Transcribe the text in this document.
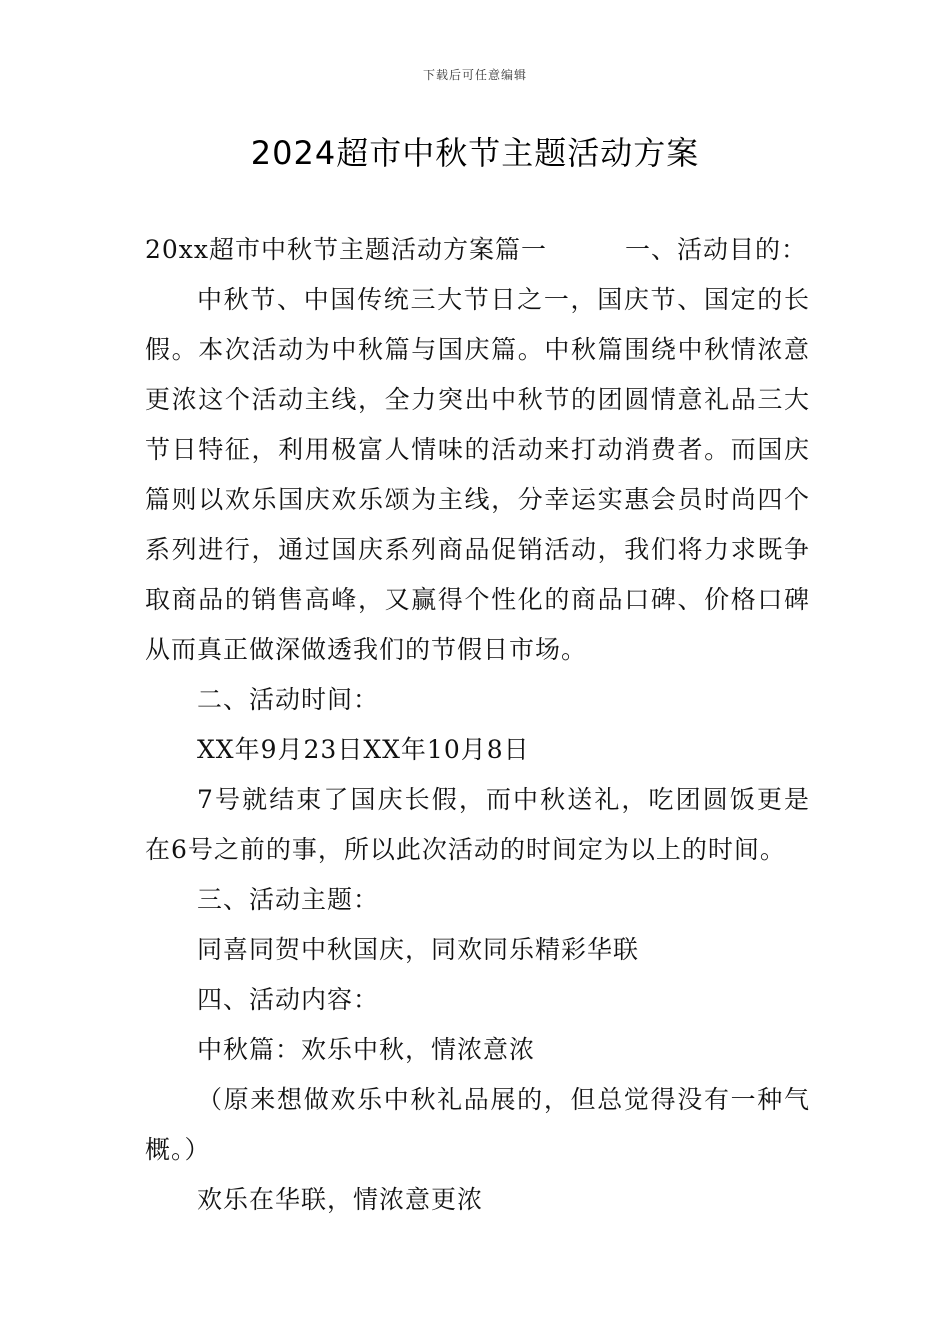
下载后可任意编辑
2024超市中秋节主题活动方案

20xx超市中秋节主题活动方案篇一	一、活动目的：

中秋节、中国传统三大节日之一，国庆节、国定的长假。本次活动为中秋篇与国庆篇。中秋篇围绕中秋情浓意更浓这个活动主线，全力突出中秋节的团圆情意礼品三大节日特征，利用极富人情味的活动来打动消费者。而国庆篇则以欢乐国庆欢乐颂为主线，分幸运实惠会员时尚四个系列进行，通过国庆系列商品促销活动，我们将力求既争取商品的销售高峰，又赢得个性化的商品口碑、价格口碑从而真正做深做透我们的节假日市场。

二、活动时间：

XX年9月23日XX年10月8日

7号就结束了国庆长假，而中秋送礼，吃团圆饭更是在6号之前的事，所以此次活动的时间定为以上的时间。

三、活动主题：

同喜同贺中秋国庆，同欢同乐精彩华联

四、活动内容：

中秋篇：欢乐中秋，情浓意浓

（原来想做欢乐中秋礼品展的，但总觉得没有一种气概。）

欢乐在华联，情浓意更浓
